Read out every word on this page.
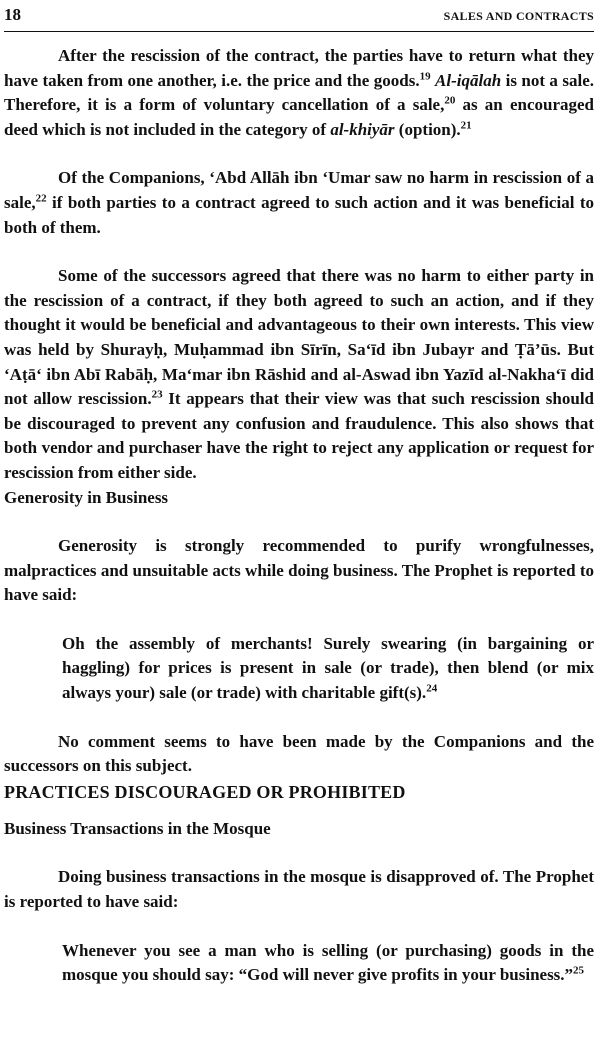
18	SALES AND CONTRACTS

After the rescission of the contract, the parties have to return what they have taken from one another, i.e. the price and the goods.$^{19}$ Al-iqālah is not a sale. Therefore, it is a form of voluntary cancellation of a sale,$^{20}$ as an encouraged deed which is not included in the category of al-khiyār (option).$^{21}$

Of the Companions, ‘Abd Allāh ibn ‘Umar saw no harm in rescission of a sale,$^{22}$ if both parties to a contract agreed to such action and it was beneficial to both of them.

Some of the successors agreed that there was no harm to either party in the rescission of a contract, if they both agreed to such an action, and if they thought it would be beneficial and advantageous to their own interests. This view was held by Shurayḥ, Muḥammad ibn Sīrīn, Sa‘īd ibn Jubayr and Ṭā’ūs. But ‘Aṭā‘ ibn Abī Rabāḥ, Ma‘mar ibn Rāshid and al-Aswad ibn Yazīd al-Nakha‘ī did not allow rescission.$^{23}$ It appears that their view was that such rescission should be discouraged to prevent any confusion and fraudulence. This also shows that both vendor and purchaser have the right to reject any application or request for rescission from either side.

Generosity in Business

Generosity is strongly recommended to purify wrongfulnesses, malpractices and unsuitable acts while doing business. The Prophet is reported to have said:

Oh the assembly of merchants! Surely swearing (in bargaining or haggling) for prices is present in sale (or trade), then blend (or mix always your) sale (or trade) with charitable gift(s).$^{24}$

No comment seems to have been made by the Companions and the successors on this subject.

PRACTICES DISCOURAGED OR PROHIBITED
Business Transactions in the Mosque

Doing business transactions in the mosque is disapproved of. The Prophet is reported to have said:

Whenever you see a man who is selling (or purchasing) goods in the mosque you should say: “God will never give profits in your business.”$^{25}$
